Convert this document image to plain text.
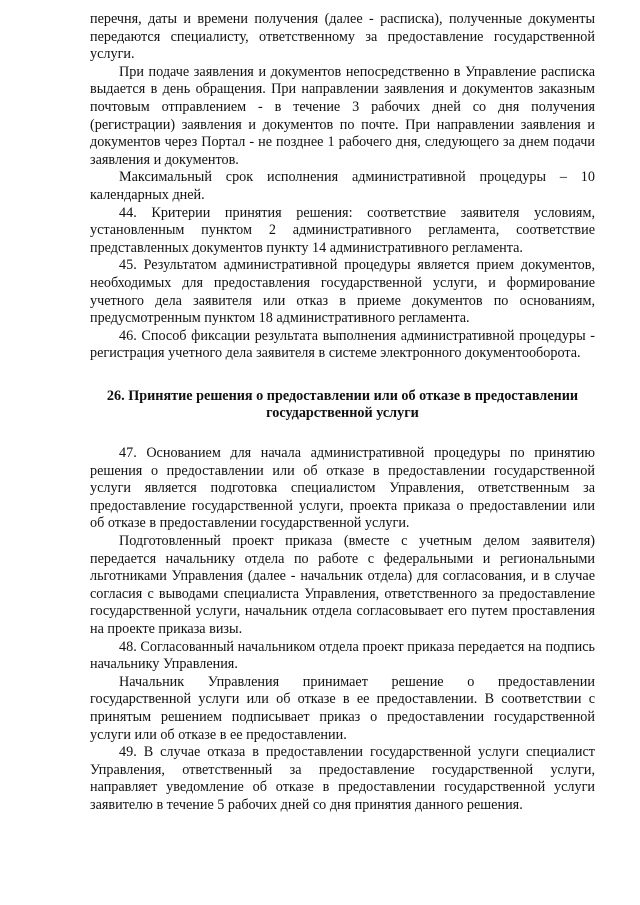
перечня, даты и времени получения (далее - расписка), полученные документы передаются специалисту, ответственному за предоставление государственной услуги.

При подаче заявления и документов непосредственно в Управление расписка выдается в день обращения. При направлении заявления и документов заказным почтовым отправлением - в течение 3 рабочих дней со дня получения (регистрации) заявления и документов по почте. При направлении заявления и документов через Портал - не позднее 1 рабочего дня, следующего за днем подачи заявления и документов.

Максимальный срок исполнения административной процедуры – 10 календарных дней.

44. Критерии принятия решения: соответствие заявителя условиям, установленным пунктом 2 административного регламента, соответствие представленных документов пункту 14 административного регламента.

45. Результатом административной процедуры является прием документов, необходимых для предоставления государственной услуги, и формирование учетного дела заявителя или отказ в приеме документов по основаниям, предусмотренным пунктом 18 административного регламента.

46. Способ фиксации результата выполнения административной процедуры - регистрация учетного дела заявителя в системе электронного документооборота.

26. Принятие решения о предоставлении или об отказе в предоставлении государственной услуги

47. Основанием для начала административной процедуры по принятию решения о предоставлении или об отказе в предоставлении государственной услуги является подготовка специалистом Управления, ответственным за предоставление государственной услуги, проекта приказа о предоставлении или об отказе в предоставлении государственной услуги.

Подготовленный проект приказа (вместе с учетным делом заявителя) передается начальнику отдела по работе с федеральными и региональными льготниками Управления (далее - начальник отдела) для согласования, и в случае согласия с выводами специалиста Управления, ответственного за предоставление государственной услуги, начальник отдела согласовывает его путем проставления на проекте приказа визы.

48. Согласованный начальником отдела проект приказа передается на подпись начальнику Управления.

Начальник Управления принимает решение о предоставлении государственной услуги или об отказе в ее предоставлении. В соответствии с принятым решением подписывает приказ о предоставлении государственной услуги или об отказе в ее предоставлении.

49. В случае отказа в предоставлении государственной услуги специалист Управления, ответственный за предоставление государственной услуги, направляет уведомление об отказе в предоставлении государственной услуги заявителю в течение 5 рабочих дней со дня принятия данного решения.
